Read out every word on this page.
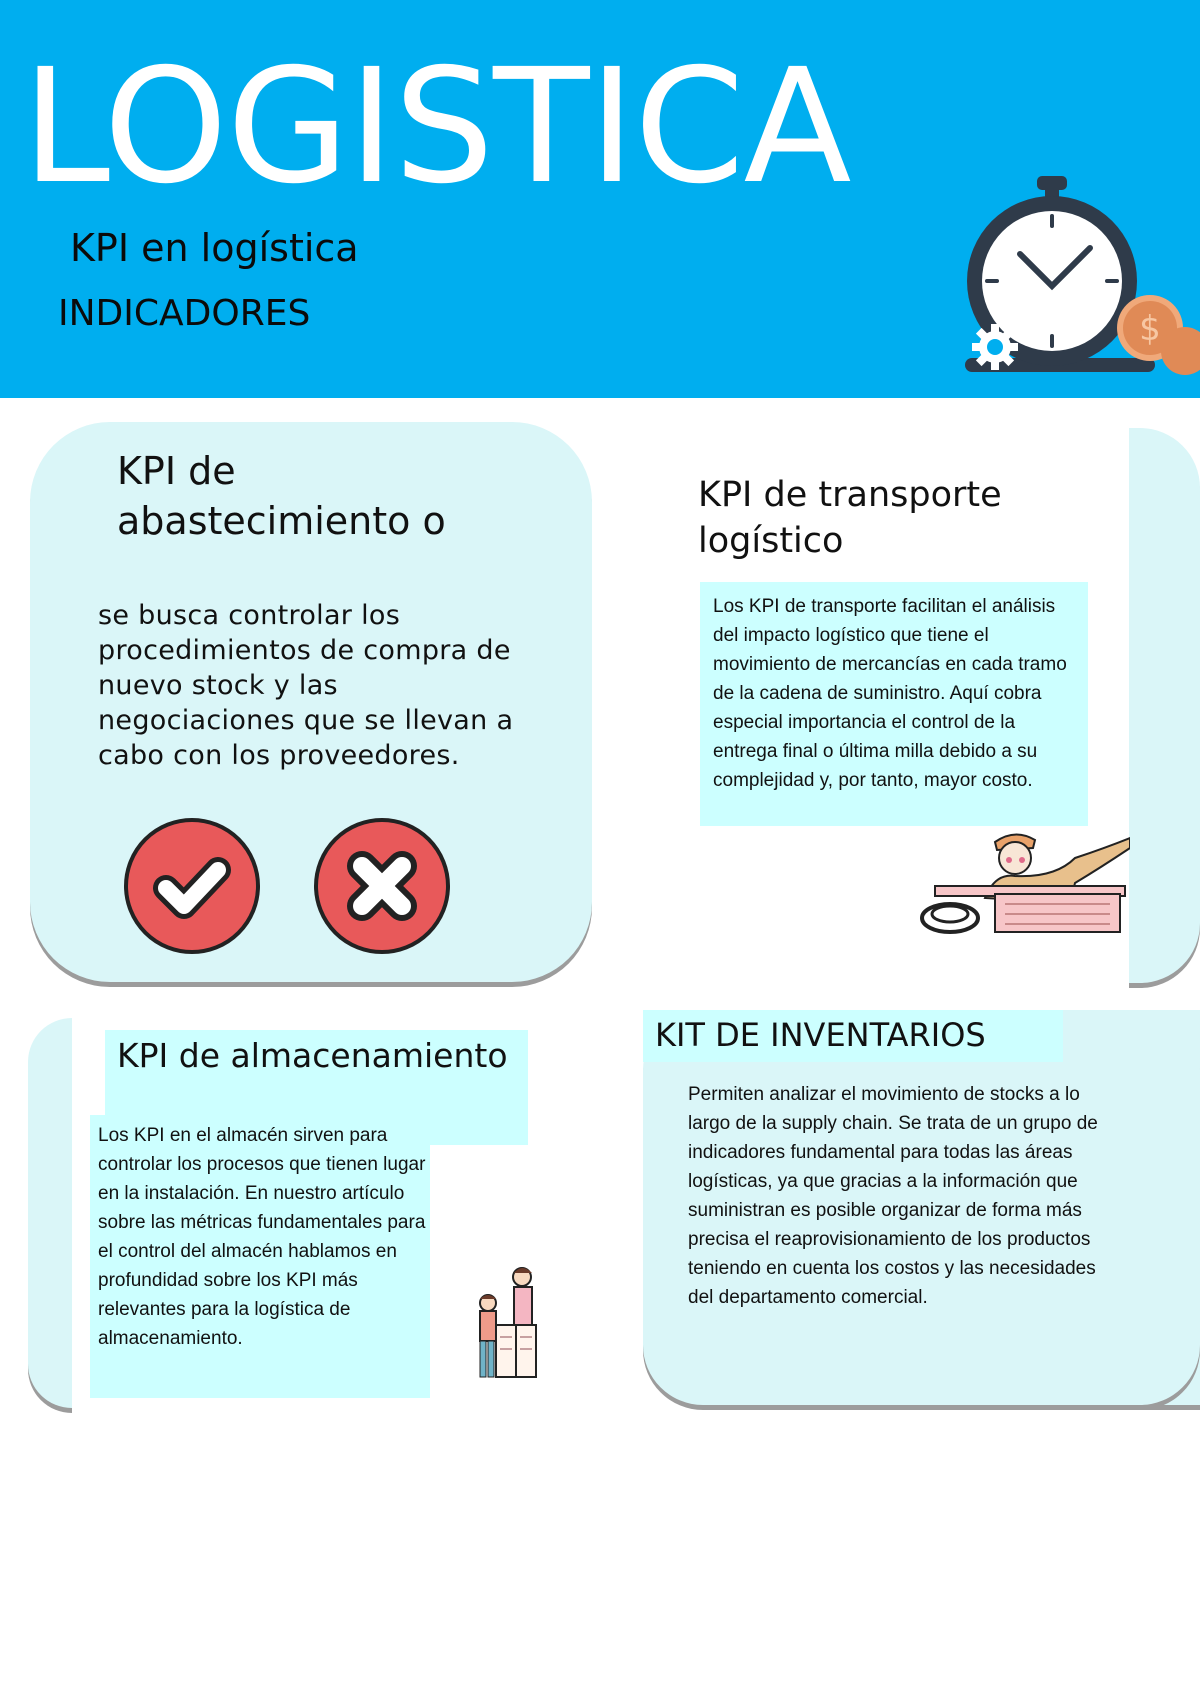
LOGISTICA
KPI en logística
INDICADORES	$
KPI de abastecimiento o
se busca controlar los procedimientos de compra de nuevo stock y las negociaciones que se llevan a cabo con los proveedores.
KPI de transporte logístico
Los KPI de transporte facilitan el análisis del impacto logístico que tiene el movimiento de mercancías en cada tramo de la cadena de suministro. Aquí cobra especial importancia el control de la entrega final o última milla debido a su complejidad y, por tanto, mayor costo.
KPI de almacenamiento
Los KPI en el almacén sirven para controlar los procesos que tienen lugar en la instalación. En nuestro artículo sobre las métricas fundamentales para el control del almacén hablamos en profundidad sobre los KPI más relevantes para la logística de almacenamiento.
KIT DE INVENTARIOS
Permiten analizar el movimiento de stocks a lo largo de la supply chain. Se trata de un grupo de indicadores fundamental para todas las áreas logísticas, ya que gracias a la información que suministran es posible organizar de forma más precisa el reaprovisionamiento de los productos teniendo en cuenta los costos y las necesidades del departamento comercial.
